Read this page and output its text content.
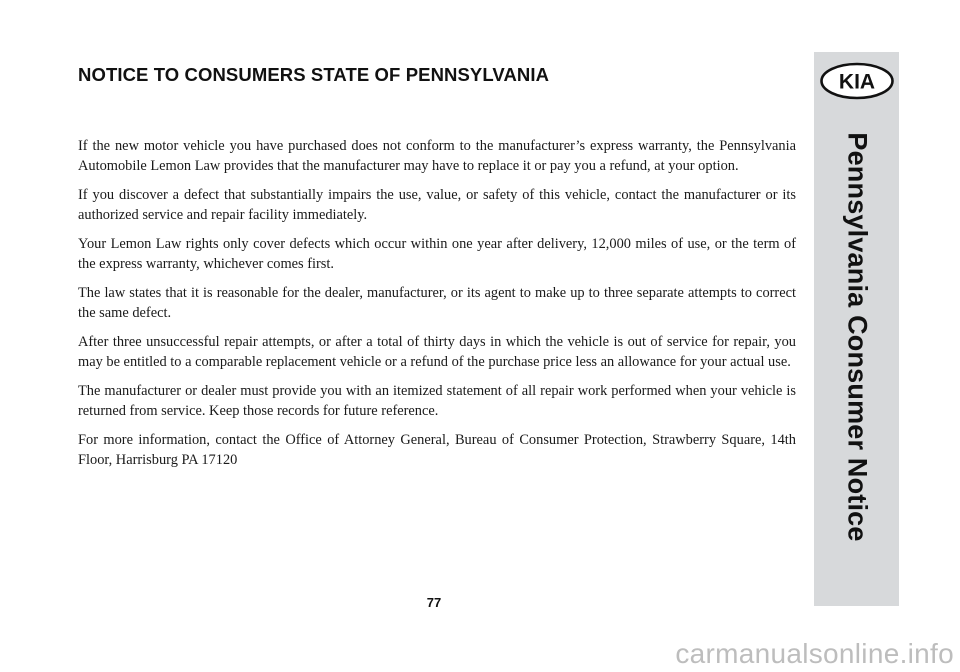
NOTICE TO CONSUMERS STATE OF PENNSYLVANIA

If the new motor vehicle you have purchased does not conform to the manufacturer’s express warranty, the Pennsylvania Automobile Lemon Law provides that the manufacturer may have to replace it or pay you a refund, at your option.

If you discover a defect that substantially impairs the use, value, or safety of this vehicle, contact the manufacturer or its authorized service and repair facility immediately.

Your Lemon Law rights only cover defects which occur within one year after delivery, 12,000 miles of use, or the term of the express warranty, whichever comes first.

The law states that it is reasonable for the dealer, manufacturer, or its agent to make up to three separate attempts to correct the same defect.

After three unsuccessful repair attempts, or after a total of thirty days in which the vehicle is out of service for repair, you may be entitled to a comparable replacement vehicle or a refund of the purchase price less an allowance for your actual use.

The manufacturer or dealer must provide you with an itemized statement of all repair work performed when your vehicle is returned from service. Keep those records for future reference.

For more information, contact the Office of Attorney General, Bureau of Consumer Protection, Strawberry Square, 14th Floor, Harrisburg PA 17120

KIA
Pennsylvania Consumer Notice
77
carmanualsonline.info
